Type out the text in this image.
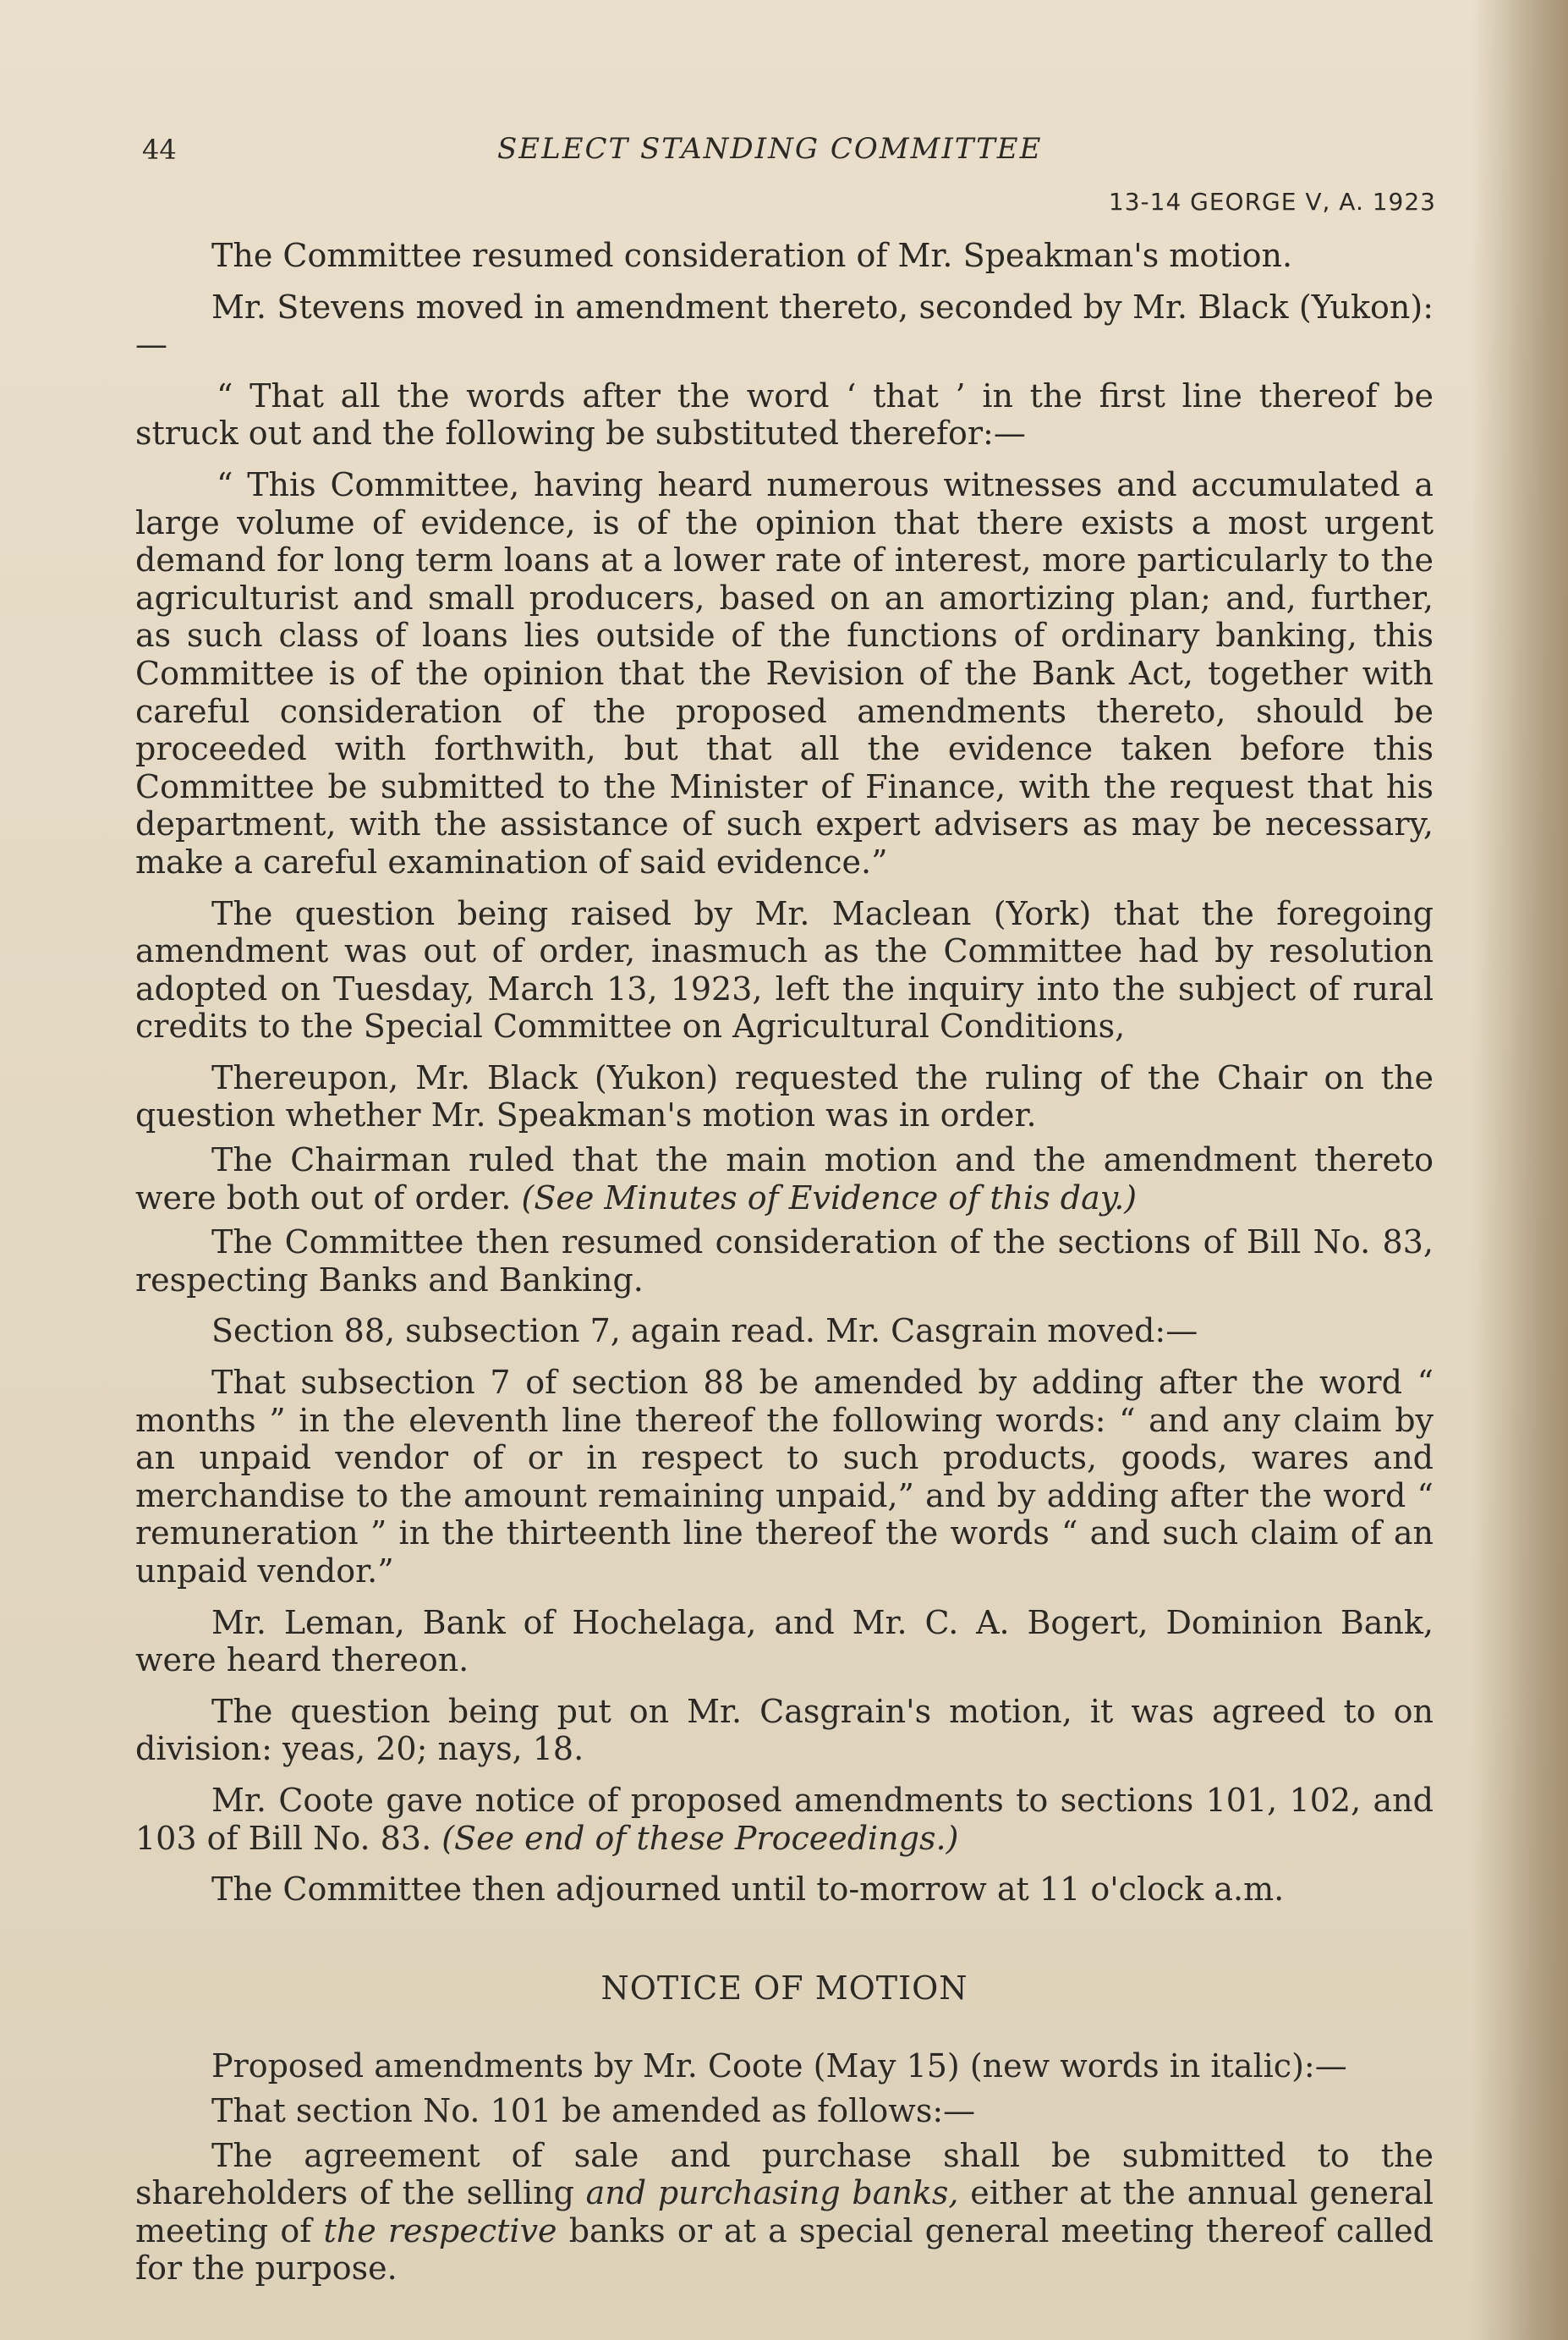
44	SELECT STANDING COMMITTEE
13-14 GEORGE V, A. 1923

The Committee resumed consideration of Mr. Speakman's motion.

Mr. Stevens moved in amendment thereto, seconded by Mr. Black (Yukon):—

“ That all the words after the word ‘ that ’ in the first line thereof be struck out and the following be substituted therefor:—

“ This Committee, having heard numerous witnesses and accumulated a large volume of evidence, is of the opinion that there exists a most urgent demand for long term loans at a lower rate of interest, more particularly to the agriculturist and small producers, based on an amortizing plan; and, further, as such class of loans lies outside of the functions of ordinary banking, this Committee is of the opinion that the Revision of the Bank Act, together with careful consideration of the proposed amendments thereto, should be proceeded with forthwith, but that all the evidence taken before this Committee be submitted to the Minister of Finance, with the request that his department, with the assistance of such expert advisers as may be necessary, make a careful examination of said evidence.”

The question being raised by Mr. Maclean (York) that the foregoing amendment was out of order, inasmuch as the Committee had by resolution adopted on Tuesday, March 13, 1923, left the inquiry into the subject of rural credits to the Special Committee on Agricultural Conditions,

Thereupon, Mr. Black (Yukon) requested the ruling of the Chair on the question whether Mr. Speakman's motion was in order.

The Chairman ruled that the main motion and the amendment thereto were both out of order. (See Minutes of Evidence of this day.)

The Committee then resumed consideration of the sections of Bill No. 83, respecting Banks and Banking.

Section 88, subsection 7, again read. Mr. Casgrain moved:—

That subsection 7 of section 88 be amended by adding after the word “ months ” in the eleventh line thereof the following words: “ and any claim by an unpaid vendor of or in respect to such products, goods, wares and merchandise to the amount remaining unpaid,” and by adding after the word “ remuneration ” in the thirteenth line thereof the words “ and such claim of an unpaid vendor.”

Mr. Leman, Bank of Hochelaga, and Mr. C. A. Bogert, Dominion Bank, were heard thereon.

The question being put on Mr. Casgrain's motion, it was agreed to on division: yeas, 20; nays, 18.

Mr. Coote gave notice of proposed amendments to sections 101, 102, and 103 of Bill No. 83. (See end of these Proceedings.)

The Committee then adjourned until to-morrow at 11 o'clock a.m.

NOTICE OF MOTION

Proposed amendments by Mr. Coote (May 15) (new words in italic):—

That section No. 101 be amended as follows:—

The agreement of sale and purchase shall be submitted to the shareholders of the selling and purchasing banks, either at the annual general meeting of the respective banks or at a special general meeting thereof called for the purpose.
